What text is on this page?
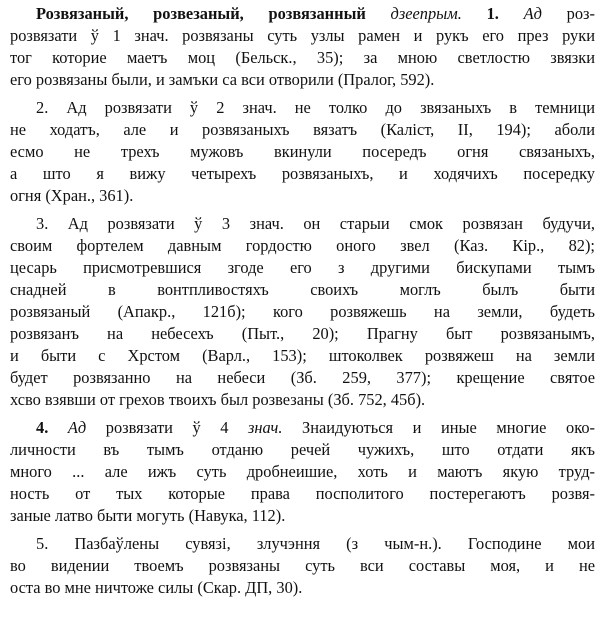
Розвязаный, розвезаный, розвязанный дзеепрым. 1. Ад роз-
розвязати ў 1 знач. розвязаны суть узлы рамен и рукъ его през руки
тог которие маетъ моц (Бельск., 35); за мною светлостю звязки
его розвязаны были, и замъки са вси отворили (Пралог, 592).
2. Ад розвязати ў 2 знач. не толко до звязаныхъ в темници
не ходатъ, але и розвязаныхъ вязатъ (Каліст, II, 194); аболи
есмо не трехъ мужовъ вкинули посередъ огня связаныхъ,
а што я вижу четырехъ розвязаныхъ, и ходячихъ посередку
огня (Хран., 361).
3. Ад розвязати ў 3 знач. он старыи смок розвязан будучи,
своим фортелем давным гордостю оного звел (Каз. Кір., 82);
цесарь присмотревшися згоде его з другими бискупами тымъ
снадней в вонтпливостяхъ своихъ моглъ былъ быти
розвязаный (Апакр., 121б); кого розвяжешь на земли, будеть
розвязанъ на небесехъ (Пыт., 20); Прагну быт розвязанымъ,
и быти с Хрстом (Варл., 153); штоколвек розвяжеш на земли
будет розвязанно на небеси (Зб. 259, 377); крещение святое
хсво взявши от грехов твоихъ был розвезаны (Зб. 752, 45б).
4. Ад розвязати ў 4 знач. Знаидуються и иные многие око-
личности въ тымъ отданю речей чужихъ, што отдати якъ
много ... але ижъ суть дробнеишие, хоть и маютъ якую труд-
ность от тых которые права посполитого постерегаютъ розвя-
заные латво быти могуть (Навука, 112).
5. Пазбаўлены сувязі, злучэння (з чым-н.). Господине мои
во видении твоемъ розвязаны суть вси составы моя, и не
оста во мне ничтоже силы (Скар. ДП, 30).
